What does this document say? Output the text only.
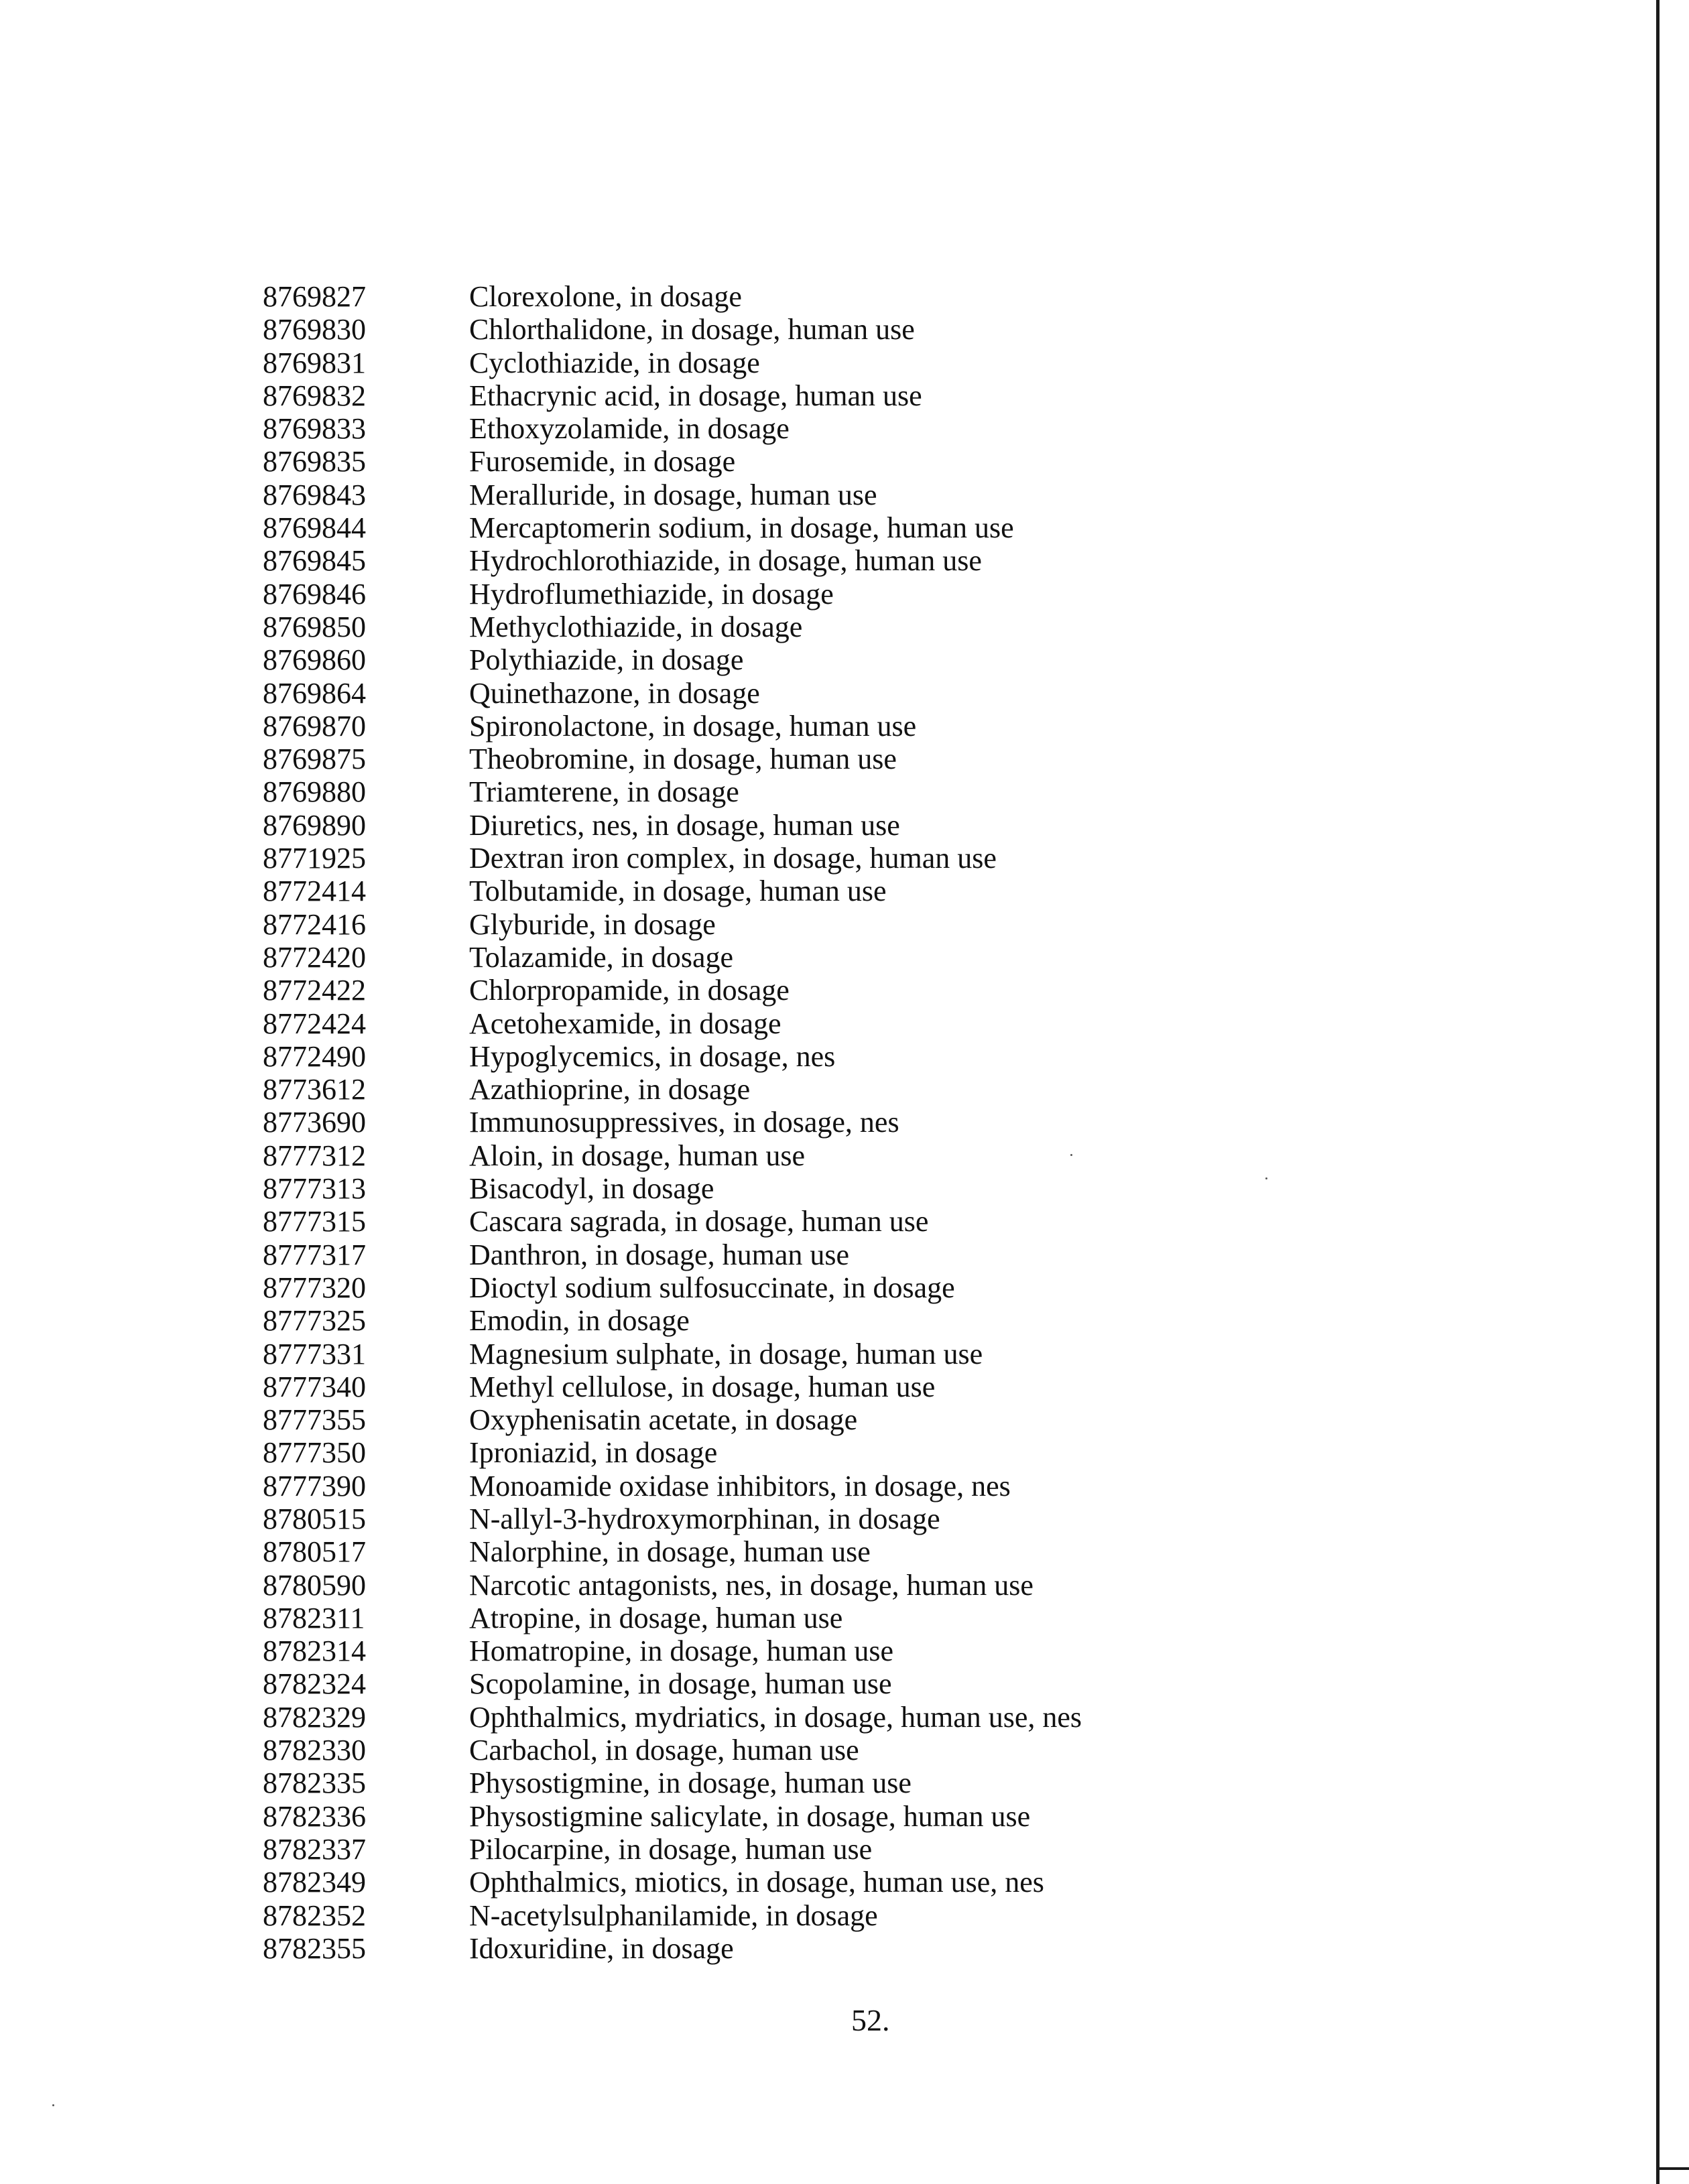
8769827	Clorexolone, in dosage
8769830	Chlorthalidone, in dosage, human use
8769831	Cyclothiazide, in dosage
8769832	Ethacrynic acid, in dosage, human use
8769833	Ethoxyzolamide, in dosage
8769835	Furosemide, in dosage
8769843	Meralluride, in dosage, human use
8769844	Mercaptomerin sodium, in dosage, human use
8769845	Hydrochlorothiazide, in dosage, human use
8769846	Hydroflumethiazide, in dosage
8769850	Methyclothiazide, in dosage
8769860	Polythiazide, in dosage
8769864	Quinethazone, in dosage
8769870	Spironolactone, in dosage, human use
8769875	Theobromine, in dosage, human use
8769880	Triamterene, in dosage
8769890	Diuretics, nes, in dosage, human use
8771925	Dextran iron complex, in dosage, human use
8772414	Tolbutamide, in dosage, human use
8772416	Glyburide, in dosage
8772420	Tolazamide, in dosage
8772422	Chlorpropamide, in dosage
8772424	Acetohexamide, in dosage
8772490	Hypoglycemics, in dosage, nes
8773612	Azathioprine, in dosage
8773690	Immunosuppressives, in dosage, nes
8777312	Aloin, in dosage, human use
8777313	Bisacodyl, in dosage
8777315	Cascara sagrada, in dosage, human use
8777317	Danthron, in dosage, human use
8777320	Dioctyl sodium sulfosuccinate, in dosage
8777325	Emodin, in dosage
8777331	Magnesium sulphate, in dosage, human use
8777340	Methyl cellulose, in dosage, human use
8777355	Oxyphenisatin acetate, in dosage
8777350	Iproniazid, in dosage
8777390	Monoamide oxidase inhibitors, in dosage, nes
8780515	N-allyl-3-hydroxymorphinan, in dosage
8780517	Nalorphine, in dosage, human use
8780590	Narcotic antagonists, nes, in dosage, human use
8782311	Atropine, in dosage, human use
8782314	Homatropine, in dosage, human use
8782324	Scopolamine, in dosage, human use
8782329	Ophthalmics, mydriatics, in dosage, human use, nes
8782330	Carbachol, in dosage, human use
8782335	Physostigmine, in dosage, human use
8782336	Physostigmine salicylate, in dosage, human use
8782337	Pilocarpine, in dosage, human use
8782349	Ophthalmics, miotics, in dosage, human use, nes
8782352	N-acetylsulphanilamide, in dosage
8782355	Idoxuridine, in dosage
52.
